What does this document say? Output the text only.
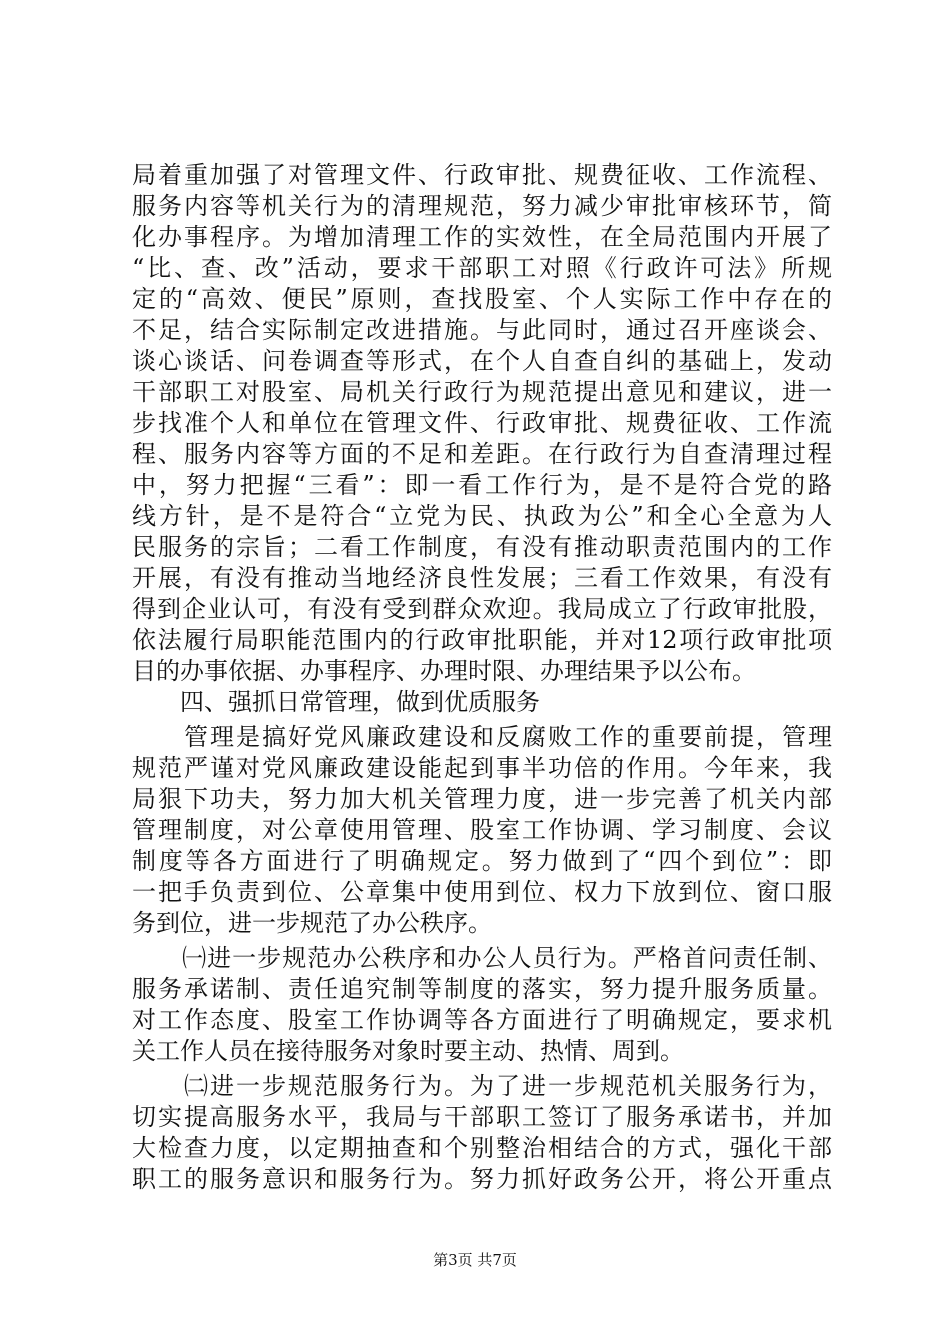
局着重加强了对管理文件、行政审批、规费征收、工作流程、
服务内容等机关行为的清理规范，努力减少审批审核环节，简
化办事程序。为增加清理工作的实效性，在全局范围内开展了
“比、查、改”活动，要求干部职工对照《行政许可法》所规
定的“高效、便民”原则，查找股室、个人实际工作中存在的
不足，结合实际制定改进措施。与此同时，通过召开座谈会、
谈心谈话、问卷调查等形式，在个人自查自纠的基础上，发动
干部职工对股室、局机关行政行为规范提出意见和建议，进一
步找准个人和单位在管理文件、行政审批、规费征收、工作流
程、服务内容等方面的不足和差距。在行政行为自查清理过程
中，努力把握“三看”：即一看工作行为，是不是符合党的路
线方针，是不是符合“立党为民、执政为公”和全心全意为人
民服务的宗旨；二看工作制度，有没有推动职责范围内的工作
开展，有没有推动当地经济良性发展；三看工作效果，有没有
得到企业认可，有没有受到群众欢迎。我局成立了行政审批股，
依法履行局职能范围内的行政审批职能，并对12项行政审批项
目的办事依据、办事程序、办理时限、办理结果予以公布。
　　四、强抓日常管理，做到优质服务
　　管理是搞好党风廉政建设和反腐败工作的重要前提，管理
规范严谨对党风廉政建设能起到事半功倍的作用。今年来，我
局狠下功夫，努力加大机关管理力度，进一步完善了机关内部
管理制度，对公章使用管理、股室工作协调、学习制度、会议
制度等各方面进行了明确规定。努力做到了“四个到位”：即
一把手负责到位、公章集中使用到位、权力下放到位、窗口服
务到位，进一步规范了办公秩序。
　　㈠进一步规范办公秩序和办公人员行为。严格首问责任制、
服务承诺制、责任追究制等制度的落实，努力提升服务质量。
对工作态度、股室工作协调等各方面进行了明确规定，要求机
关工作人员在接待服务对象时要主动、热情、周到。
　　㈡进一步规范服务行为。为了进一步规范机关服务行为，
切实提高服务水平，我局与干部职工签订了服务承诺书，并加
大检查力度，以定期抽查和个别整治相结合的方式，强化干部
职工的服务意识和服务行为。努力抓好政务公开，将公开重点
第3页 共7页
